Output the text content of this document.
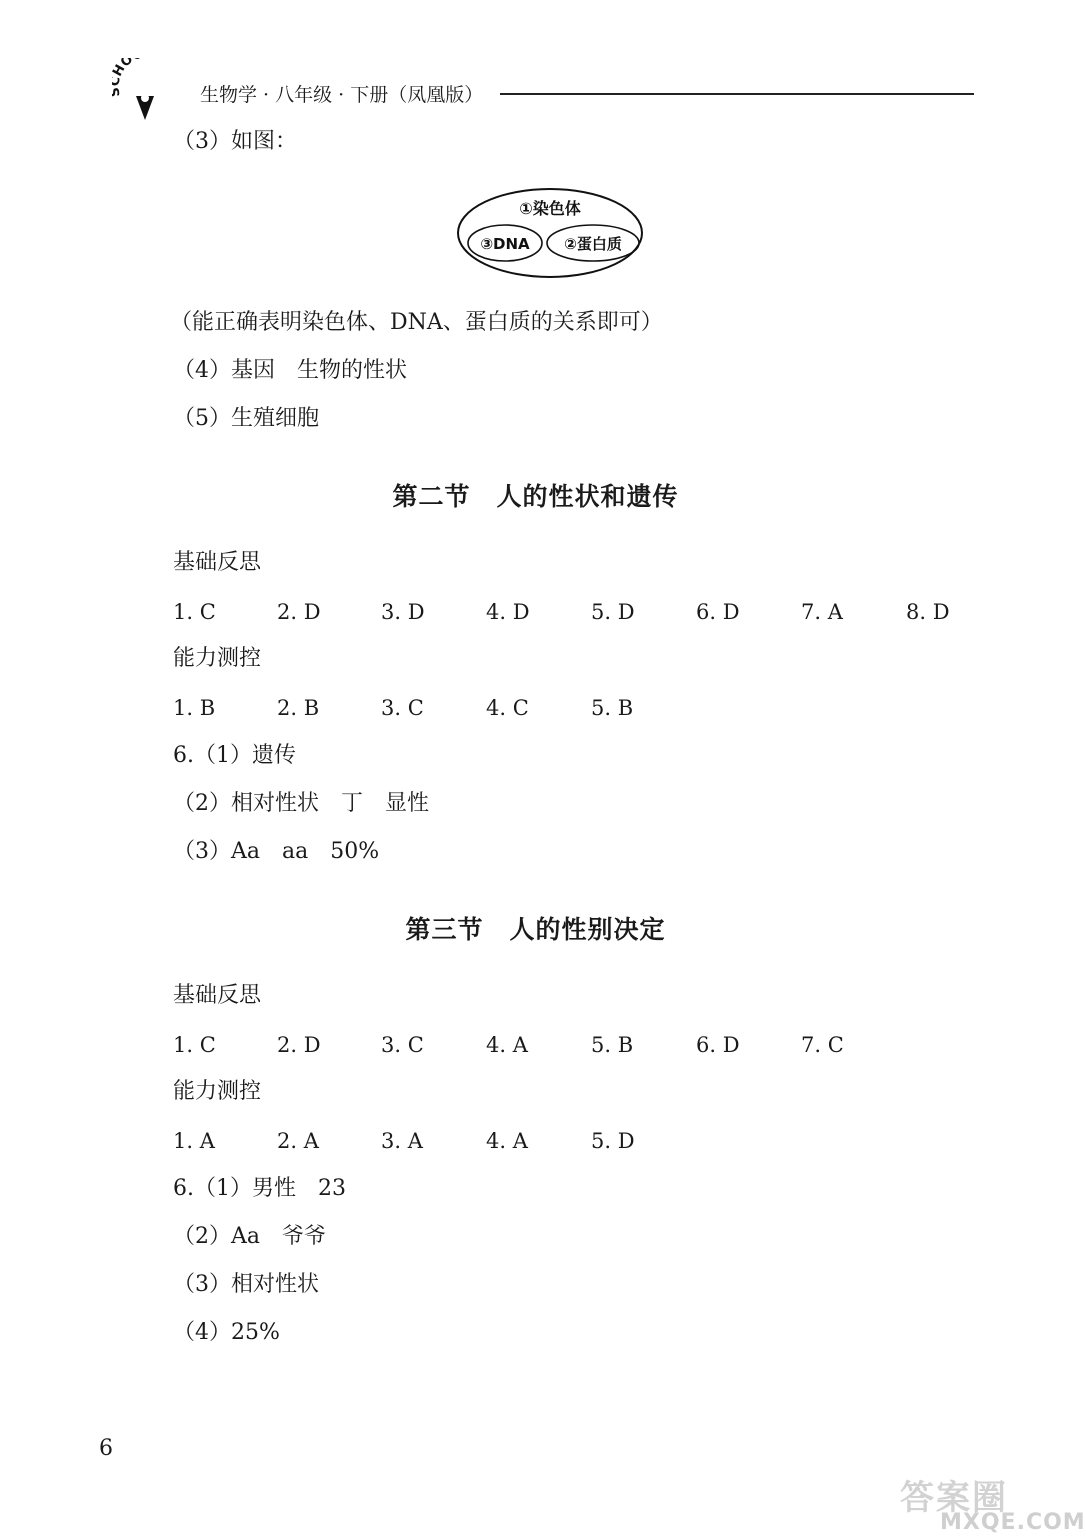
O
生物学 · 八年级 · 下册（凤凰版）
（3）如图：
①染色体
③DNA ②蛋白质
（能正确表明染色体、DNA、蛋白质的关系即可）
（4）基因　生物的性状
（5）生殖细胞
第二节　人的性状和遗传
基础反思
1. C	2. D	3. D	4. D	5. D	6. D	7. A	8. D
能力测控
1. B	2. B	3. C	4. C	5. B
6.（1）遗传
（2）相对性状　丁　显性
（3）Aa　aa　50%
第三节　人的性别决定
基础反思
1. C	2. D	3. C	4. A	5. B	6. D	7. C
能力测控
1. A	2. A	3. A	4. A	5. D
6.（1）男性　23
（2）Aa　爷爷
（3）相对性状
（4）25%
6
答案圈
MXQE.COM
